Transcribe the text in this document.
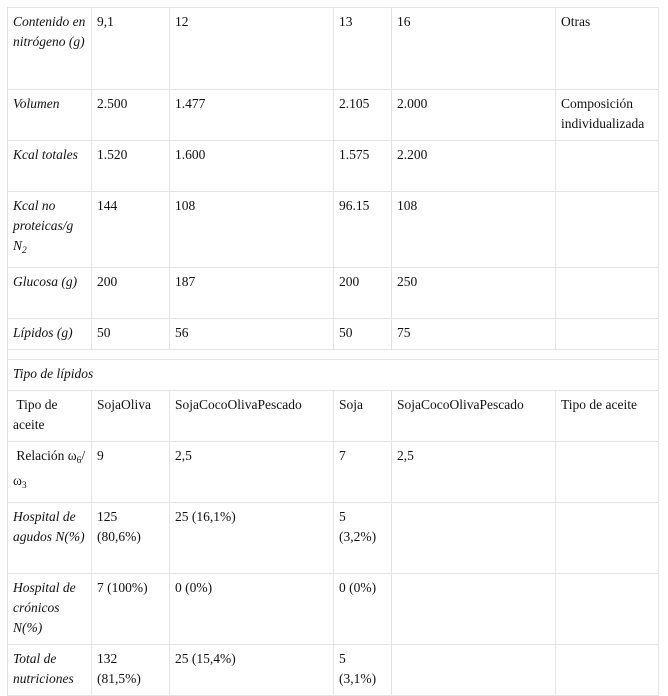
Contenido en nitrógeno (g)	9,1	12	13	16	Otras
Volumen	2.500	1.477	2.105	2.000	Composición individualizada
Kcal totales	1.520	1.600	1.575	2.200	
Kcal no proteicas/g $N_2$	144	108	96.15	108	
Glucosa (g)	200	187	200	250	
Lípidos (g)	50	56	50	75	

Tipo de lípidos					
Tipo de aceite	SojaOliva	SojaCocoOlivaPescado	Soja	SojaCocoOlivaPescado	Tipo de aceite
Relación $\omega_6/\omega_3$	9	2,5	7	2,5	
Hospital de agudos N(%)	125 (80,6%)	25 (16,1%)	5 (3,2%)		
Hospital de crónicos N(%)	7 (100%)	0 (0%)	0 (0%)		
Total de nutriciones	132 (81,5%)	25 (15,4%)	5 (3,1%)		
